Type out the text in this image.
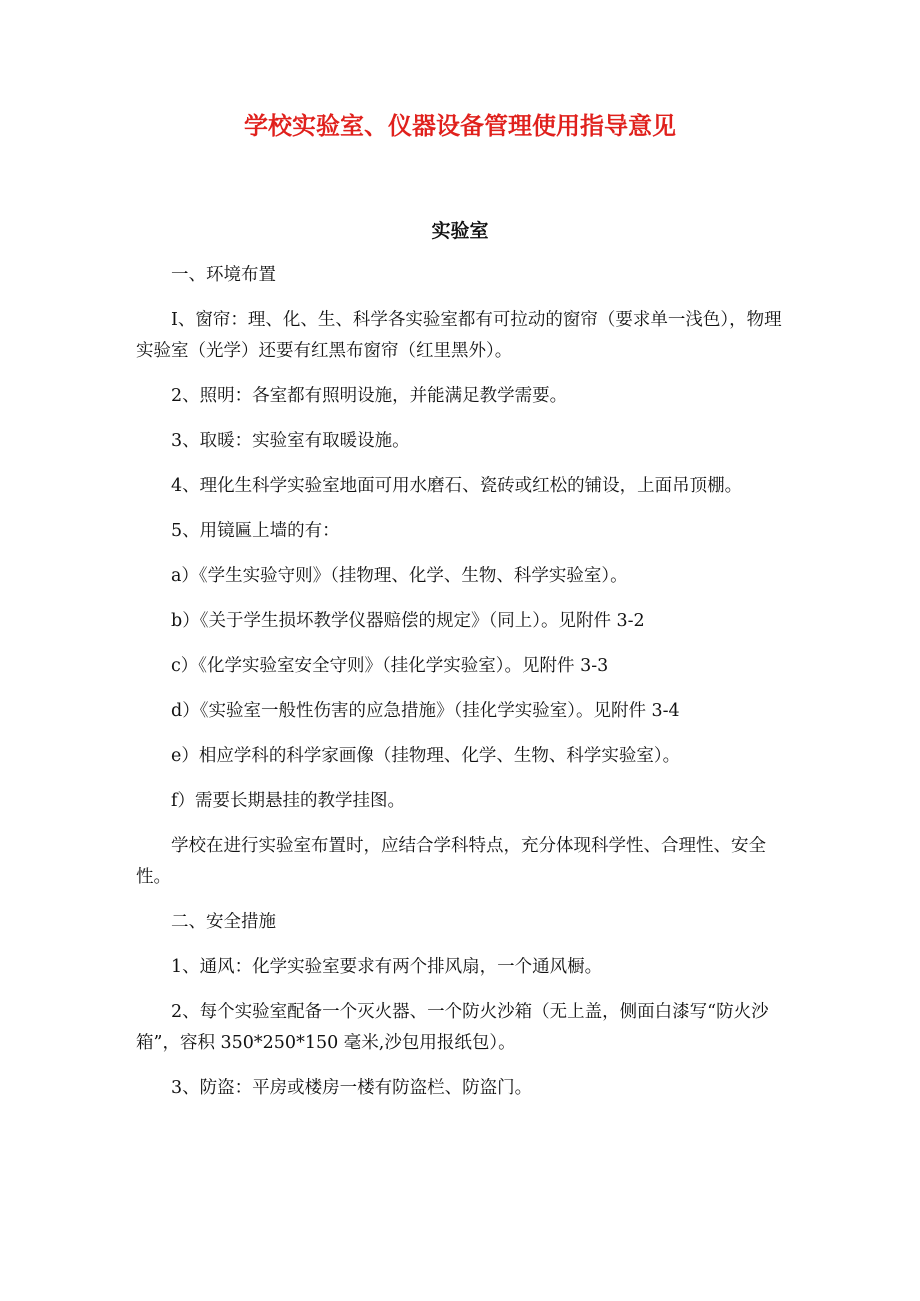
学校实验室、仪器设备管理使用指导意见
实验室

一、环境布置

I、窗帘：理、化、生、科学各实验室都有可拉动的窗帘（要求单一浅色），物理实验室（光学）还要有红黑布窗帘（红里黑外）。

2、照明：各室都有照明设施，并能满足教学需要。

3、取暖：实验室有取暖设施。

4、理化生科学实验室地面可用水磨石、瓷砖或红松的铺设，上面吊顶棚。

5、用镜匾上墙的有：

a）《学生实验守则》（挂物理、化学、生物、科学实验室）。

b）《关于学生损坏教学仪器赔偿的规定》（同上）。见附件 3-2

c）《化学实验室安全守则》（挂化学实验室）。见附件 3-3

d）《实验室一般性伤害的应急措施》（挂化学实验室）。见附件 3-4

e）相应学科的科学家画像（挂物理、化学、生物、科学实验室）。

f）需要长期悬挂的教学挂图。

学校在进行实验室布置时，应结合学科特点，充分体现科学性、合理性、安全性。

二、安全措施

1、通风：化学实验室要求有两个排风扇，一个通风橱。

2、每个实验室配备一个灭火器、一个防火沙箱（无上盖，侧面白漆写“防火沙箱”，容积 350*250*150 毫米,沙包用报纸包）。

3、防盗：平房或楼房一楼有防盗栏、防盗门。
